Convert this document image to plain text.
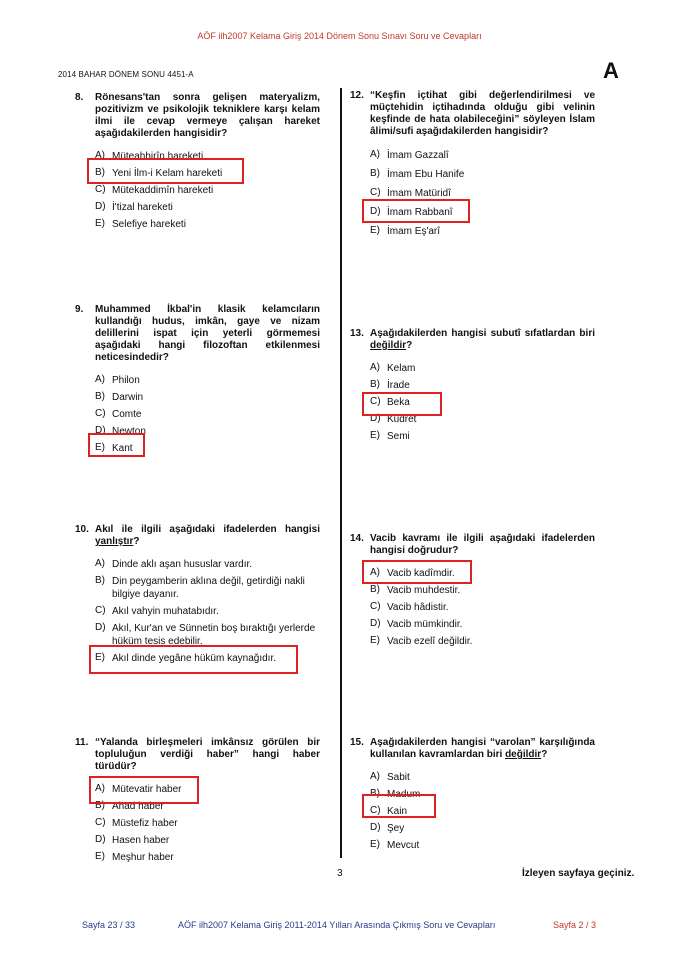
AÖF ilh2007 Kelama Giriş 2014 Dönem Sonu Sınavı Soru ve Cevapları
2014 BAHAR DÖNEM SONU 4451-A	A
8. Rönesans'tan sonra gelişen materyalizm, pozitivizm ve psikolojik tekniklere karşı kelam ilmi ile cevap vermeye çalışan hareket aşağıdakilerden hangisidir?
A) Müteahhirîn hareketi
B) Yeni İlm-i Kelam hareketi
C) Mütekaddimîn hareketi
D) İ'tizal hareketi
E) Selefiye hareketi
9. Muhammed İkbal'in klasik kelamcıların kullandığı hudus, imkân, gaye ve nizam delillerini ispat için yeterli görmemesi aşağıdaki hangi filozoftan etkilenmesi neticesindedir?
A) Philon
B) Darwin
C) Comte
D) Newton
E) Kant
10. Akıl ile ilgili aşağıdaki ifadelerden hangisi yanlıştır?
A) Dinde aklı aşan hususlar vardır.
B) Din peygamberin aklına değil, getirdiği nakli bilgiye dayanır.
C) Akıl vahyin muhatabıdır.
D) Akıl, Kur'an ve Sünnetin boş bıraktığı yerlerde hüküm tesis edebilir.
E) Akıl dinde yegâne hüküm kaynağıdır.
11. “Yalanda birleşmeleri imkânsız görülen bir topluluğun verdiği haber” hangi haber türüdür?
A) Mütevatir haber
B) Ahad haber
C) Müstefiz haber
D) Hasen haber
E) Meşhur haber
12. “Keşfin içtihat gibi değerlendirilmesi ve müçtehidin içtihadında olduğu gibi velinin keşfinde de hata olabileceğini” söyleyen İslam âlimi/sufi aşağıdakilerden hangisidir?
A) İmam Gazzalî
B) İmam Ebu Hanife
C) İmam Matüridî
D) İmam Rabbanî
E) İmam Eş'arî
13. Aşağıdakilerden hangisi subutî sıfatlardan biri değildir?
A) Kelam
B) İrade
C) Beka
D) Kudret
E) Semi
14. Vacib kavramı ile ilgili aşağıdaki ifadelerden hangisi doğrudur?
A) Vacib kadîmdir.
B) Vacib muhdestir.
C) Vacib hâdistir.
D) Vacib mümkindir.
E) Vacib ezelî değildir.
15. Aşağıdakilerden hangisi “varolan” karşılığında kullanılan kavramlardan biri değildir?
A) Sabit
B) Madum
C) Kain
D) Şey
E) Mevcut
3	İzleyen sayfaya geçiniz.
Sayfa 23 / 33	AÖF ilh2007 Kelama Giriş 2011-2014 Yılları Arasında Çıkmış Soru ve Cevapları	Sayfa 2 / 3
